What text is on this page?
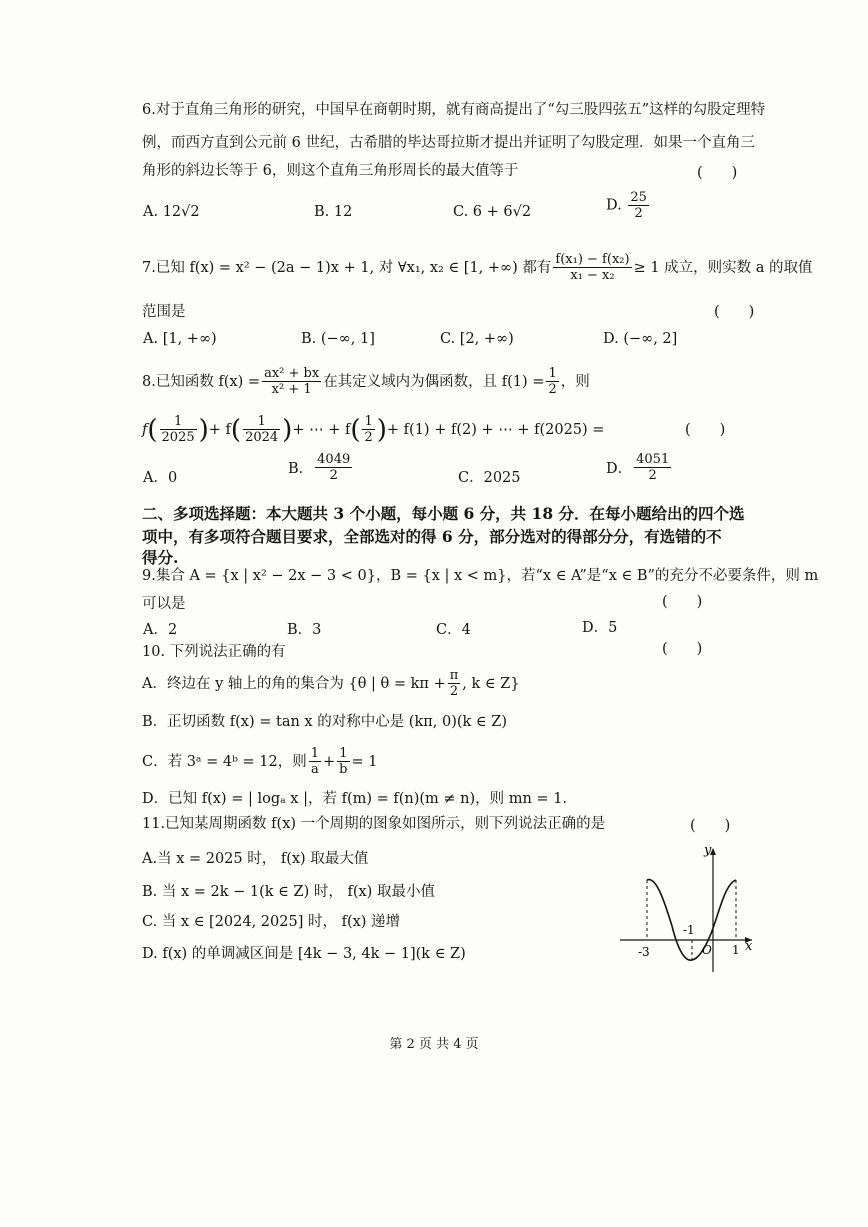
6.对于直角三角形的研究，中国早在商朝时期，就有商高提出了“勾三股四弦五”这样的勾股定理特
例，而西方直到公元前 6 世纪，古希腊的毕达哥拉斯才提出并证明了勾股定理．如果一个直角三
角形的斜边长等于 6，则这个直角三角形周长的最大值等于	(　　)
A. 12√2	B. 12	C. 6 + 6√2	D. $\frac{25}{2}$
7.已知 f(x) = x² − (2a − 1)x + 1, 对 ∀x₁, x₂ ∈ [1, +∞) 都有 $\frac{\text{f(x₁) − f(x₂)}}{\text{x₁ − x₂}} \ge 1$ 成立，则实数 a 的取值
范围是	(　　)
A. [1, +∞)	B. (−∞, 1]	C. [2, +∞)	D. (−∞, 2]
8.已知函数 $f(x) = \frac{\text{ax² + bx}}{\text{x² + 1}}$ 在其定义域内为偶函数，且 $f(1) = \frac{1}{2}$ ，则
f ( $\frac{1}{2025}$ ) + f ( $\frac{1}{2024}$ ) + ⋯ + f ( $\frac{1}{2}$ ) + f(1) + f(2) + ⋯ + f(2025) =	(　　)
A．0
B． $\frac{4049}{2}$	C．2025
D． $\frac{4051}{2}$
二、多项选择题：本大题共 3 个小题，每小题 6 分，共 18 分．在每小题给出的四个选
项中，有多项符合题目要求，全部选对的得 6 分，部分选对的得部分分，有选错的不
得分.
9.集合 A = {x | x² − 2x − 3 < 0}，B = {x | x < m}，若“x ∈ A”是“x ∈ B”的充分不必要条件，则 m
可以是	(　　)
A．2	B．3	C．4	D．5
10. 下列说法正确的有	(　　)
A．终边在 y 轴上的角的集合为 {θ | $\theta = k\pi + \frac{\pi}{2}$ , k ∈ Z}
B．正切函数 f(x) = tan x 的对称中心是 (kπ, 0)(k ∈ Z)
C．若 3ᵃ = 4ᵇ = 12，则 $\frac{1}{a} + \frac{1}{b} = 1$
D．已知 f(x) = | logₐ x |，若 f(m) = f(n)(m ≠ n)，则 mn = 1.
11.已知某周期函数 f(x) 一个周期的图象如图所示，则下列说法正确的是	(　　)
A.当 x = 2025 时， f(x) 取最大值
B. 当 x = 2k − 1(k ∈ Z) 时， f(x) 取最小值
C. 当 x ∈ [2024, 2025] 时， f(x) 递增
D. f(x) 的单调减区间是 [4k − 3, 4k − 1](k ∈ Z)
y
x
-3
-1
O 1
第 2 页 共 4 页
